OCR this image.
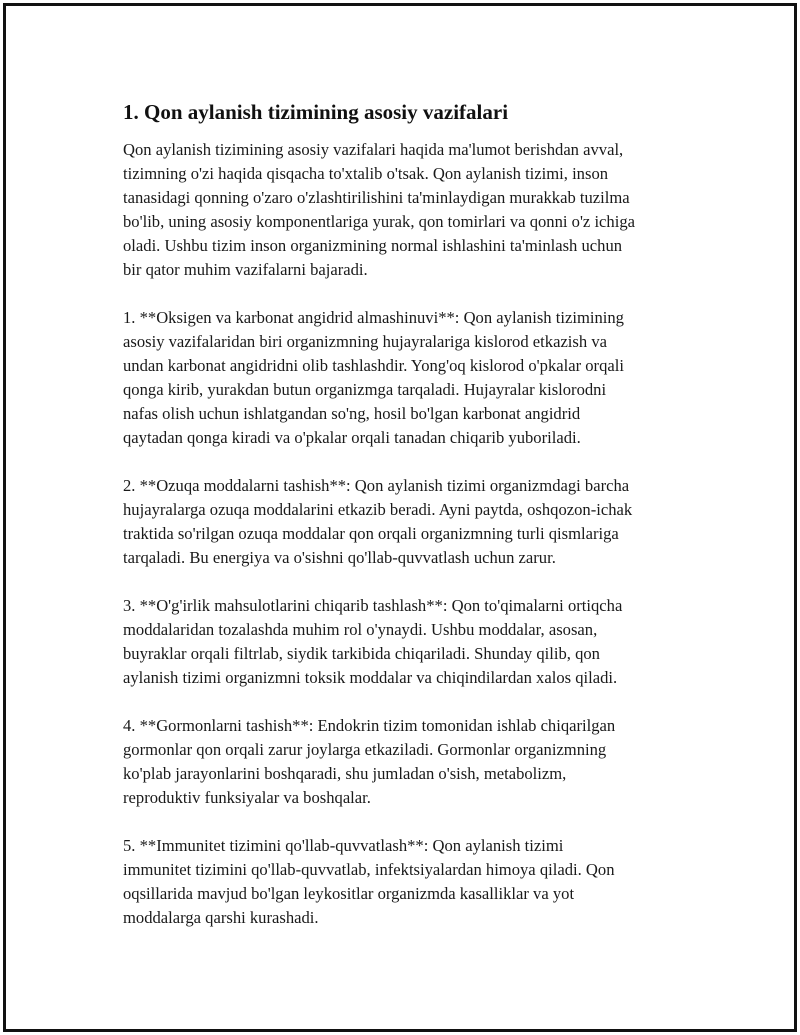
1. Qon aylanish tizimining asosiy vazifalari

Qon aylanish tizimining asosiy vazifalari haqida ma'lumot berishdan avval,
tizimning o'zi haqida qisqacha to'xtalib o'tsak. Qon aylanish tizimi, inson
tanasidagi qonning o'zaro o'zlashtirilishini ta'minlaydigan murakkab tuzilma
bo'lib, uning asosiy komponentlariga yurak, qon tomirlari va qonni o'z ichiga
oladi. Ushbu tizim inson organizmining normal ishlashini ta'minlash uchun
bir qator muhim vazifalarni bajaradi.

1. **Oksigen va karbonat angidrid almashinuvi**: Qon aylanish tizimining
asosiy vazifalaridan biri organizmning hujayralariga kislorod etkazish va
undan karbonat angidridni olib tashlashdir. Yong'oq kislorod o'pkalar orqali
qonga kirib, yurakdan butun organizmga tarqaladi. Hujayralar kislorodni
nafas olish uchun ishlatgandan so'ng, hosil bo'lgan karbonat angidrid
qaytadan qonga kiradi va o'pkalar orqali tanadan chiqarib yuboriladi.

2. **Ozuqa moddalarni tashish**: Qon aylanish tizimi organizmdagi barcha
hujayralarga ozuqa moddalarini etkazib beradi. Ayni paytda, oshqozon-ichak
traktida so'rilgan ozuqa moddalar qon orqali organizmning turli qismlariga
tarqaladi. Bu energiya va o'sishni qo'llab-quvvatlash uchun zarur.

3. **O'g'irlik mahsulotlarini chiqarib tashlash**: Qon to'qimalarni ortiqcha
moddalaridan tozalashda muhim rol o'ynaydi. Ushbu moddalar, asosan,
buyraklar orqali filtrlab, siydik tarkibida chiqariladi. Shunday qilib, qon
aylanish tizimi organizmni toksik moddalar va chiqindilardan xalos qiladi.

4. **Gormonlarni tashish**: Endokrin tizim tomonidan ishlab chiqarilgan
gormonlar qon orqali zarur joylarga etkaziladi. Gormonlar organizmning
ko'plab jarayonlarini boshqaradi, shu jumladan o'sish, metabolizm,
reproduktiv funksiyalar va boshqalar.

5. **Immunitet tizimini qo'llab-quvvatlash**: Qon aylanish tizimi
immunitet tizimini qo'llab-quvvatlab, infektsiyalardan himoya qiladi. Qon
oqsillarida mavjud bo'lgan leykositlar organizmda kasalliklar va yot
moddalarga qarshi kurashadi.
